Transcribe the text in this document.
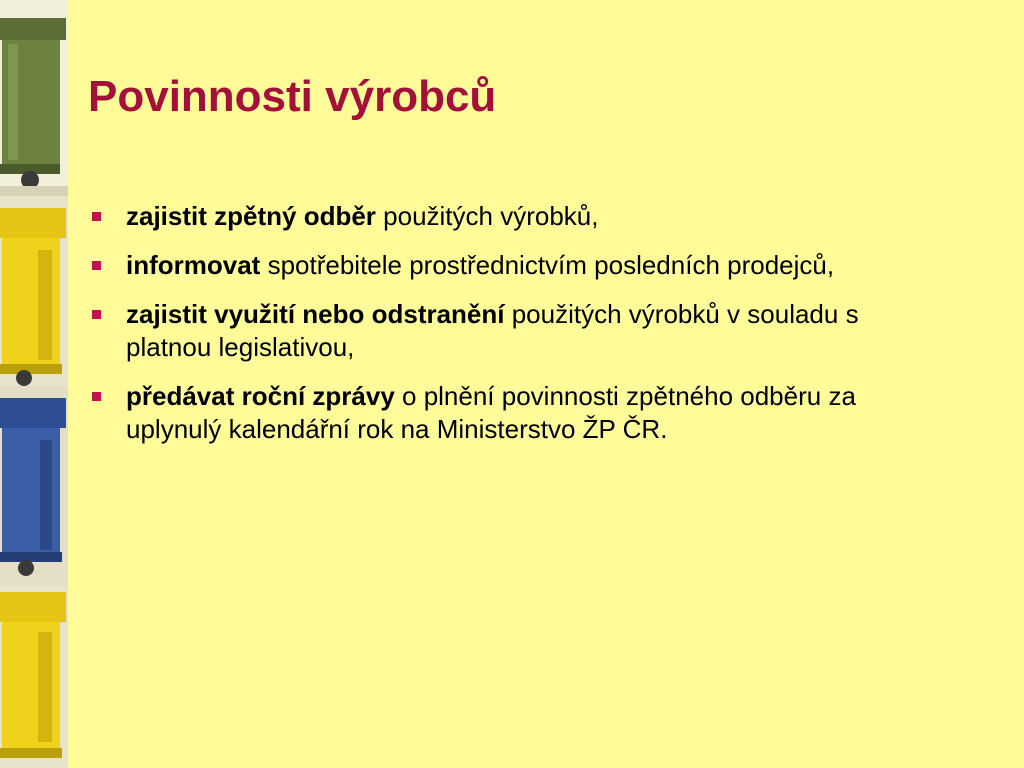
Povinnosti výrobců
zajistit zpětný odběr použitých výrobků,
informovat spotřebitele prostřednictvím posledních prodejců,
zajistit využití nebo odstranění použitých výrobků v souladu s platnou legislativou,
předávat roční zprávy o plnění povinnosti zpětného odběru za uplynulý kalendářní rok na Ministerstvo ŽP ČR.
